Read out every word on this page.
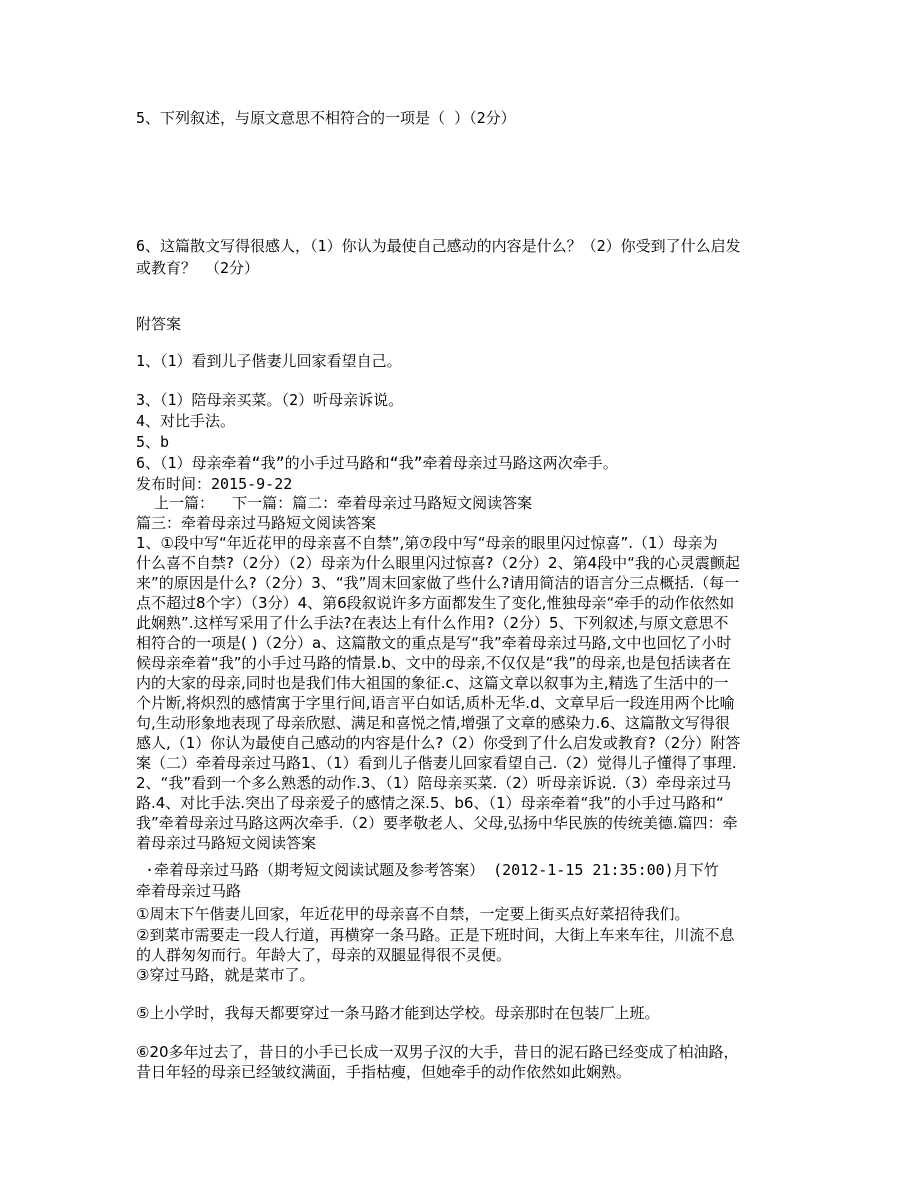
5、下列叙述，与原文意思不相符合的一项是（ ）（2分）
6、这篇散文写得很感人，（1）你认为最使自己感动的内容是什么？（2）你受到了什么启发
或教育？ （2分）
附答案
1、（1）看到儿子偕妻儿回家看望自己。
3、（1）陪母亲买菜。（2）听母亲诉说。
4、对比手法。
5、b
6、（1）母亲牵着“我”的小手过马路和“我”牵着母亲过马路这两次牵手。
发布时间：2015-9-22
上一篇：  下一篇：篇二：牵着母亲过马路短文阅读答案
篇三：牵着母亲过马路短文阅读答案
1、①段中写“年近花甲的母亲喜不自禁”,第⑦段中写“母亲的眼里闪过惊喜”.（1）母亲为
什么喜不自禁?（2分）（2）母亲为什么眼里闪过惊喜?（2分）2、第4段中“我的心灵震颤起
来”的原因是什么?（2分）3、“我”周末回家做了些什么?请用简洁的语言分三点概括.（每一
点不超过8个字）（3分）4、第6段叙说许多方面都发生了变化,惟独母亲“牵手的动作依然如
此娴熟”.这样写采用了什么手法?在表达上有什么作用?（2分）5、下列叙述,与原文意思不
相符合的一项是( )（2分）a、这篇散文的重点是写“我”牵着母亲过马路,文中也回忆了小时
候母亲牵着“我”的小手过马路的情景.b、文中的母亲,不仅仅是“我”的母亲,也是包括读者在
内的大家的母亲,同时也是我们伟大祖国的象征.c、这篇文章以叙事为主,精选了生活中的一
个片断,将炽烈的感情寓于字里行间,语言平白如话,质朴无华.d、文章早后一段连用两个比喻
句,生动形象地表现了母亲欣慰、满足和喜悦之情,增强了文章的感染力.6、这篇散文写得很
感人,（1）你认为最使自己感动的内容是什么?（2）你受到了什么启发或教育?（2分）附答
案（二）牵着母亲过马路1、（1）看到儿子偕妻儿回家看望自己.（2）觉得儿子懂得了事理.
2、“我”看到一个多么熟悉的动作.3、（1）陪母亲买菜.（2）听母亲诉说.（3）牵母亲过马
路.4、对比手法.突出了母亲爱子的感情之深.5、b6、（1）母亲牵着“我”的小手过马路和“
我”牵着母亲过马路这两次牵手.（2）要孝敬老人、父母,弘扬中华民族的传统美德.篇四：牵
着母亲过马路短文阅读答案
·牵着母亲过马路（期考短文阅读试题及参考答案） (2012-1-15 21:35:00)月下竹
牵着母亲过马路
①周末下午偕妻儿回家，年近花甲的母亲喜不自禁，一定要上街买点好菜招待我们。
②到菜市需要走一段人行道，再横穿一条马路。正是下班时间，大街上车来车往，川流不息
的人群匆匆而行。年龄大了，母亲的双腿显得很不灵便。
③穿过马路，就是菜市了。
⑤上小学时，我每天都要穿过一条马路才能到达学校。母亲那时在包装厂上班。
⑥20多年过去了，昔日的小手已长成一双男子汉的大手，昔日的泥石路已经变成了柏油路，
昔日年轻的母亲已经皱纹满面，手指枯瘦，但她牵手的动作依然如此娴熟。
